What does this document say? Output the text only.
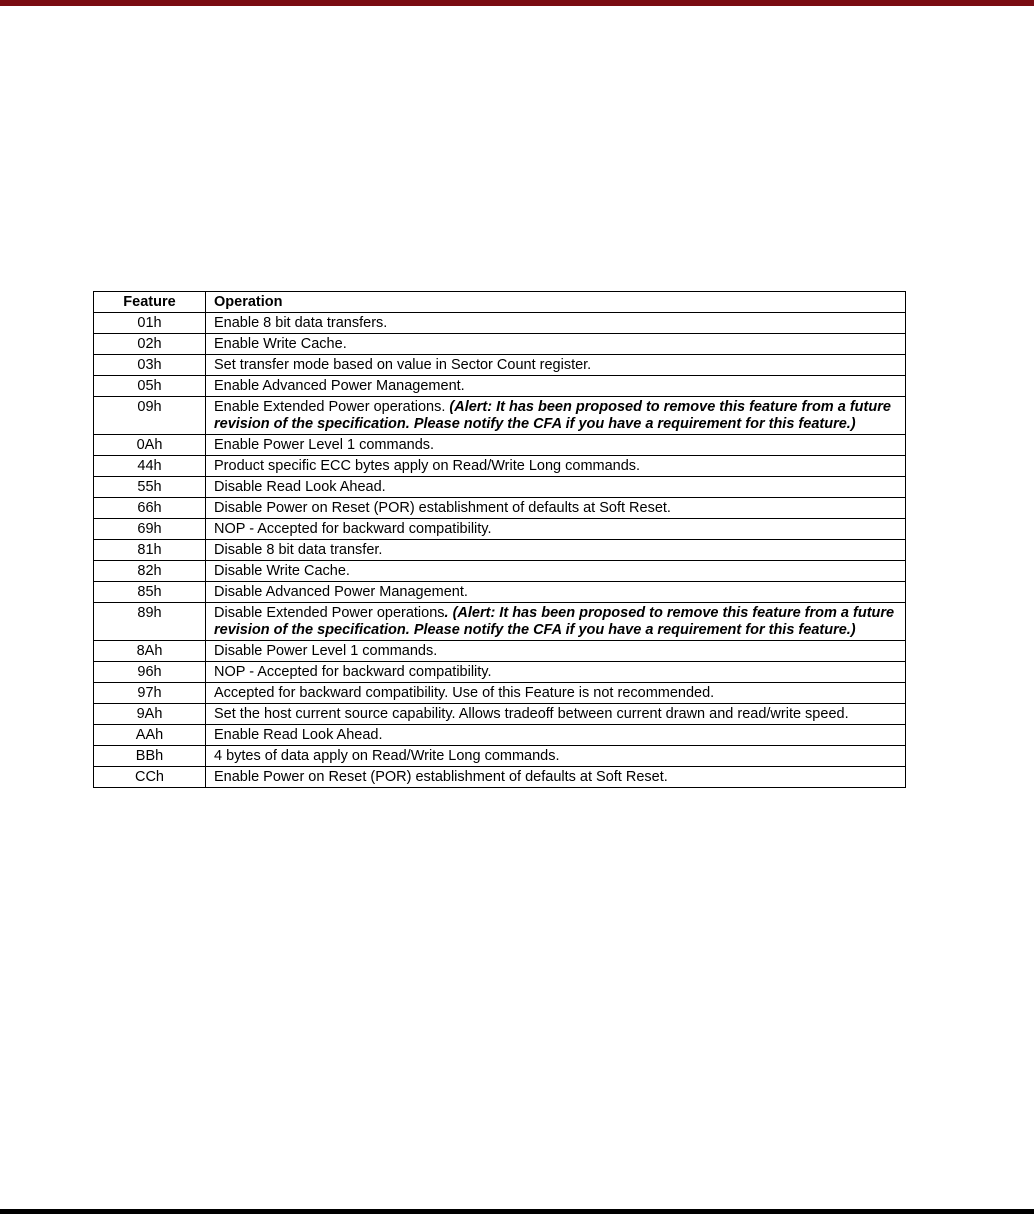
Feature	Operation
01h	Enable 8 bit data transfers.
02h	Enable Write Cache.
03h	Set transfer mode based on value in Sector Count register.
05h	Enable Advanced Power Management.
09h	Enable Extended Power operations. (Alert: It has been proposed to remove this feature from a future revision of the specification. Please notify the CFA if you have a requirement for this feature.)
0Ah	Enable Power Level 1 commands.
44h	Product specific ECC bytes apply on Read/Write Long commands.
55h	Disable Read Look Ahead.
66h	Disable Power on Reset (POR) establishment of defaults at Soft Reset.
69h	NOP - Accepted for backward compatibility.
81h	Disable 8 bit data transfer.
82h	Disable Write Cache.
85h	Disable Advanced Power Management.
89h	Disable Extended Power operations. (Alert: It has been proposed to remove this feature from a future revision of the specification. Please notify the CFA if you have a requirement for this feature.)
8Ah	Disable Power Level 1 commands.
96h	NOP - Accepted for backward compatibility.
97h	Accepted for backward compatibility. Use of this Feature is not recommended.
9Ah	Set the host current source capability. Allows tradeoff between current drawn and read/write speed.
AAh	Enable Read Look Ahead.
BBh	4 bytes of data apply on Read/Write Long commands.
CCh	Enable Power on Reset (POR) establishment of defaults at Soft Reset.
